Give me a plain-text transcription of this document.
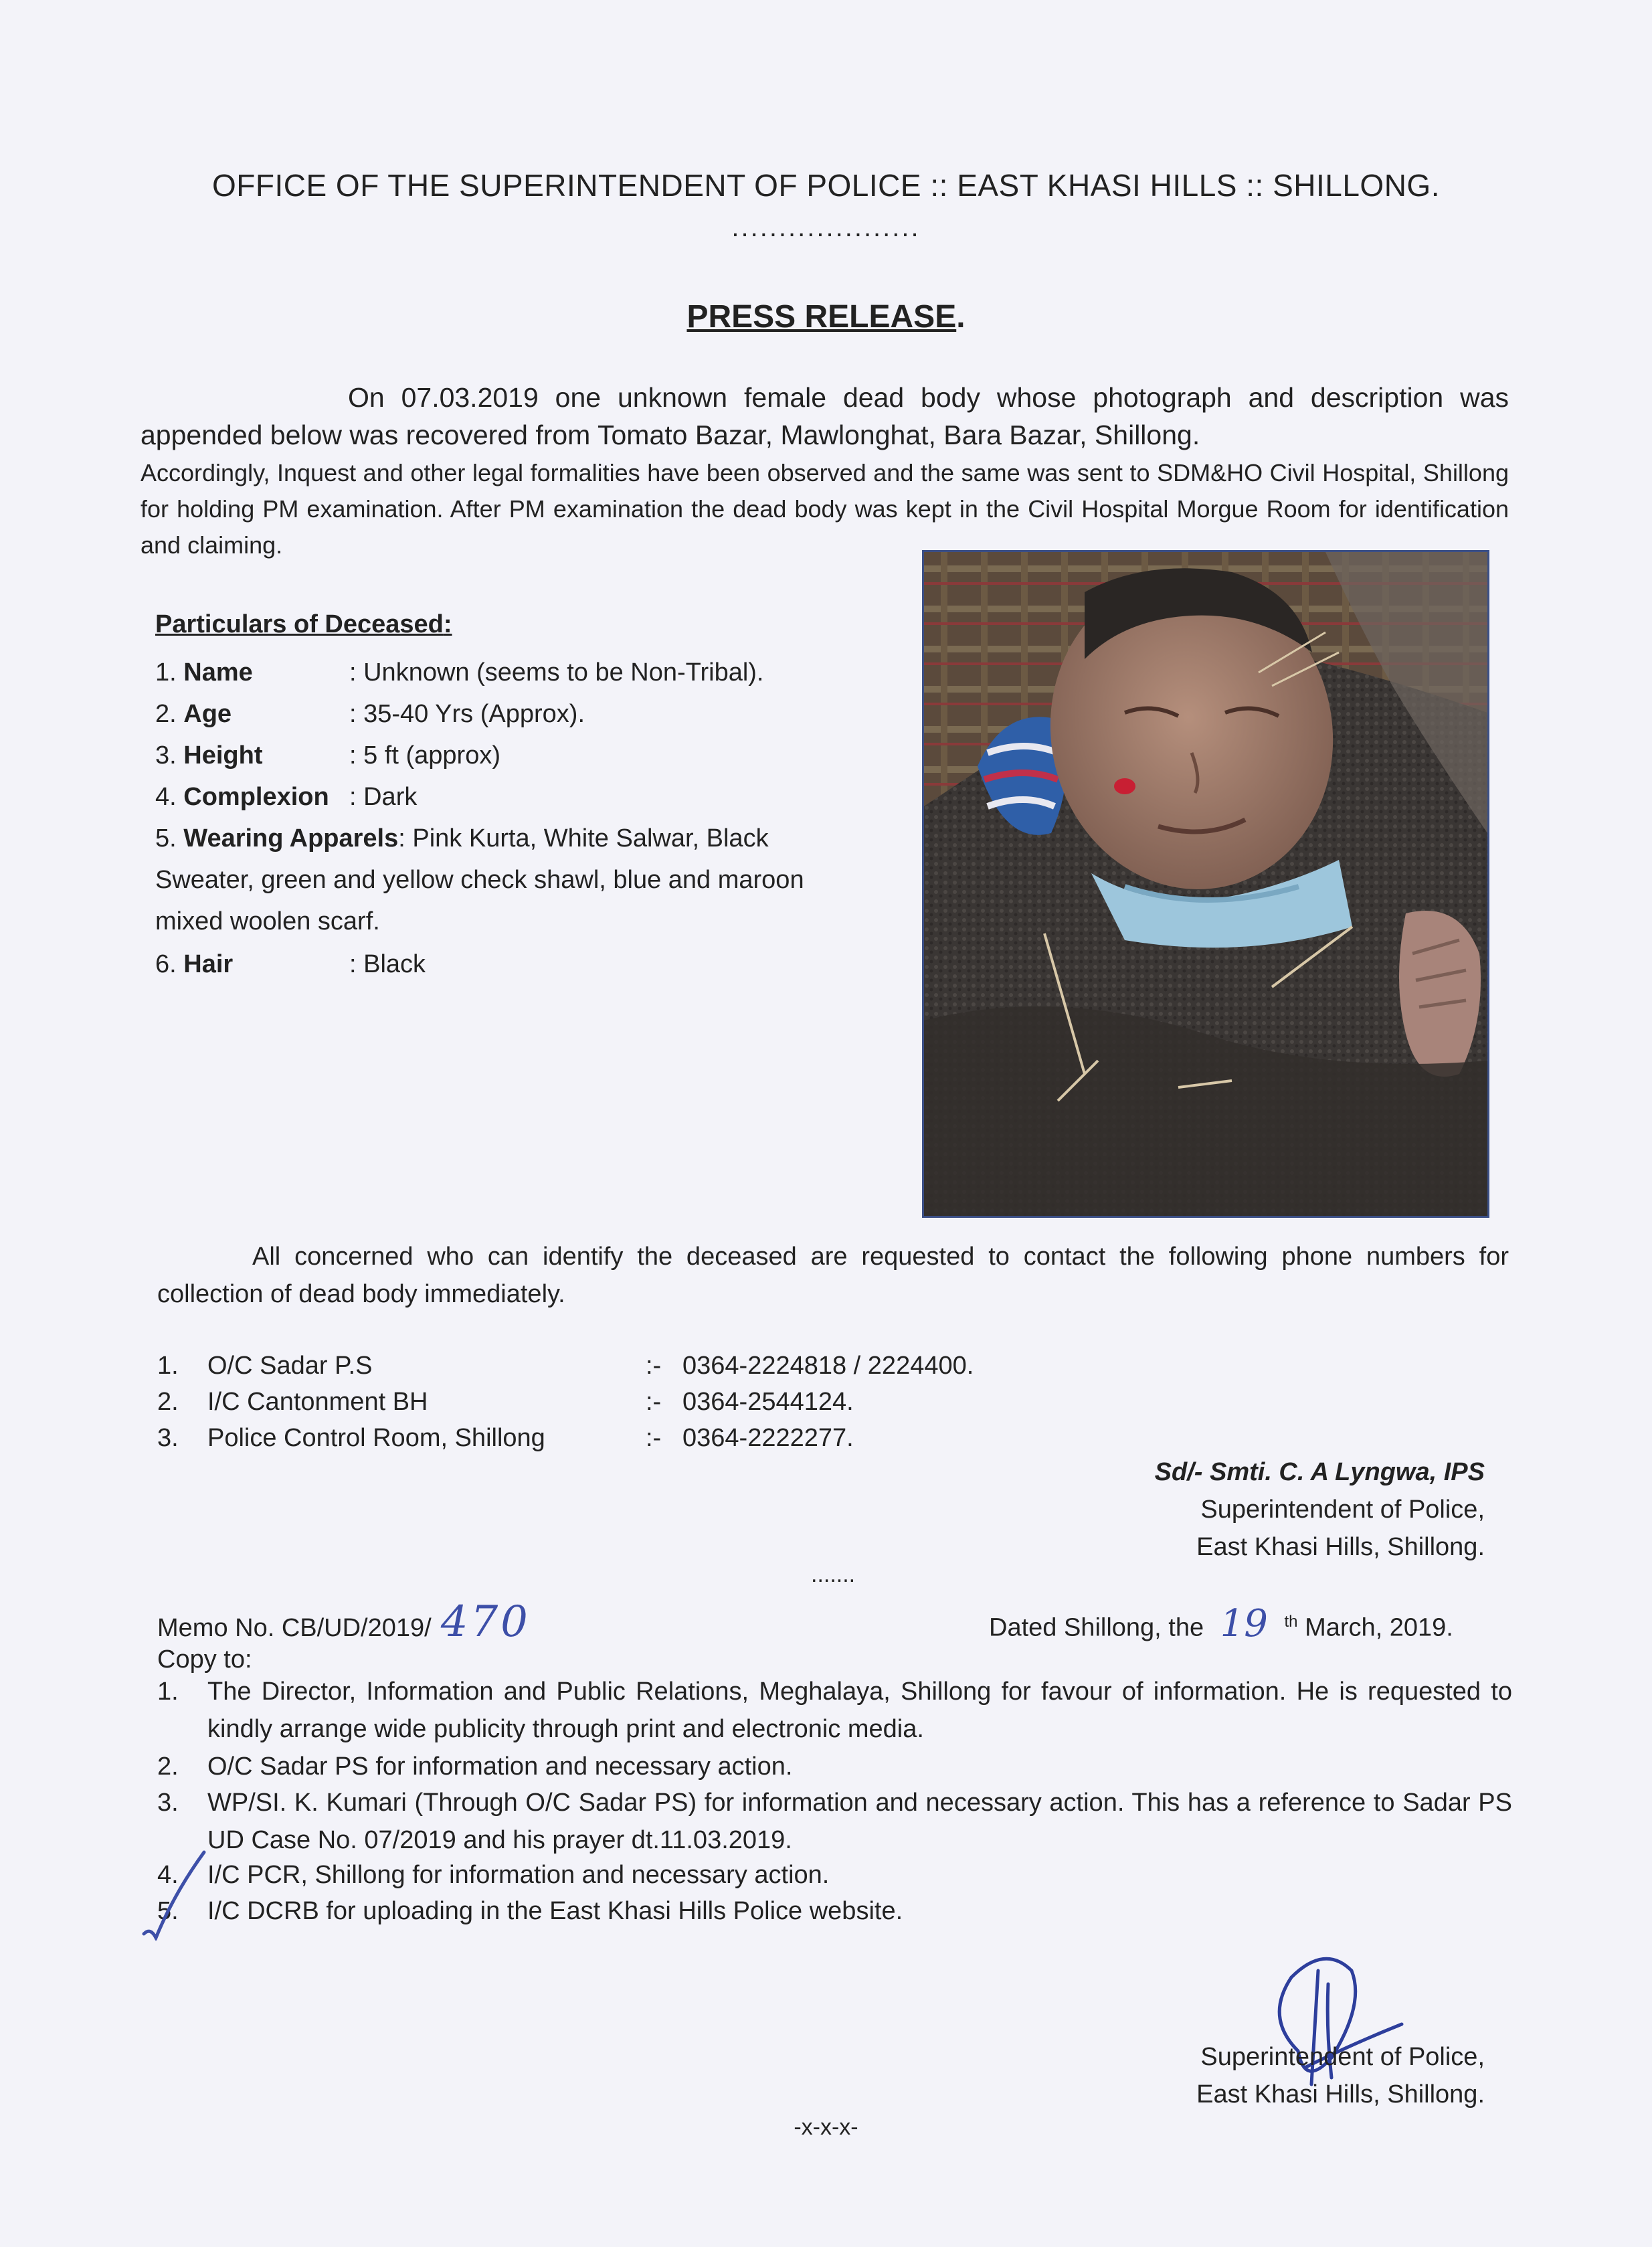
OFFICE OF THE SUPERINTENDENT OF POLICE :: EAST KHASI HILLS :: SHILLONG.
....................
PRESS RELEASE.
On 07.03.2019 one unknown female dead body whose photograph and description was appended below was recovered from Tomato Bazar, Mawlonghat, Bara Bazar, Shillong.
Accordingly, Inquest and other legal formalities have been observed and the same was sent to SDM&HO Civil Hospital, Shillong for holding PM examination. After PM examination the dead body was kept in the Civil Hospital Morgue Room for identification and claiming.
Particulars of Deceased:
1. Name	: Unknown (seems to be Non-Tribal).
2. Age	: 35-40 Yrs (Approx).
3. Height	: 5 ft (approx)
4. Complexion : Dark
5. Wearing Apparels: Pink Kurta, White Salwar, Black Sweater, green and yellow check shawl, blue and maroon mixed woolen scarf.
6. Hair	: Black
All concerned who can identify the deceased are requested to contact the following phone numbers for collection of dead body immediately.
1. O/C Sadar P.S	:- 0364-2224818 / 2224400.
2. I/C Cantonment BH	:- 0364-2544124.
3. Police Control Room, Shillong	:- 0364-2222277.
Sd/- Smti. C. A Lyngwa, IPS
Superintendent of Police,
East Khasi Hills, Shillong.
.......
Memo No. CB/UD/2019/ 470	Dated Shillong, the 19 $^{th}$ March, 2019.
Copy to:
1. The Director, Information and Public Relations, Meghalaya, Shillong for favour of information. He is requested to kindly arrange wide publicity through print and electronic media.
2. O/C Sadar PS for information and necessary action.
3. WP/SI. K. Kumari (Through O/C Sadar PS) for information and necessary action. This has a reference to Sadar PS UD Case No. 07/2019 and his prayer dt.11.03.2019.
4. I/C PCR, Shillong for information and necessary action.
5. I/C DCRB for uploading in the East Khasi Hills Police website.
Superintendent of Police,
East Khasi Hills, Shillong.
-x-x-x-
